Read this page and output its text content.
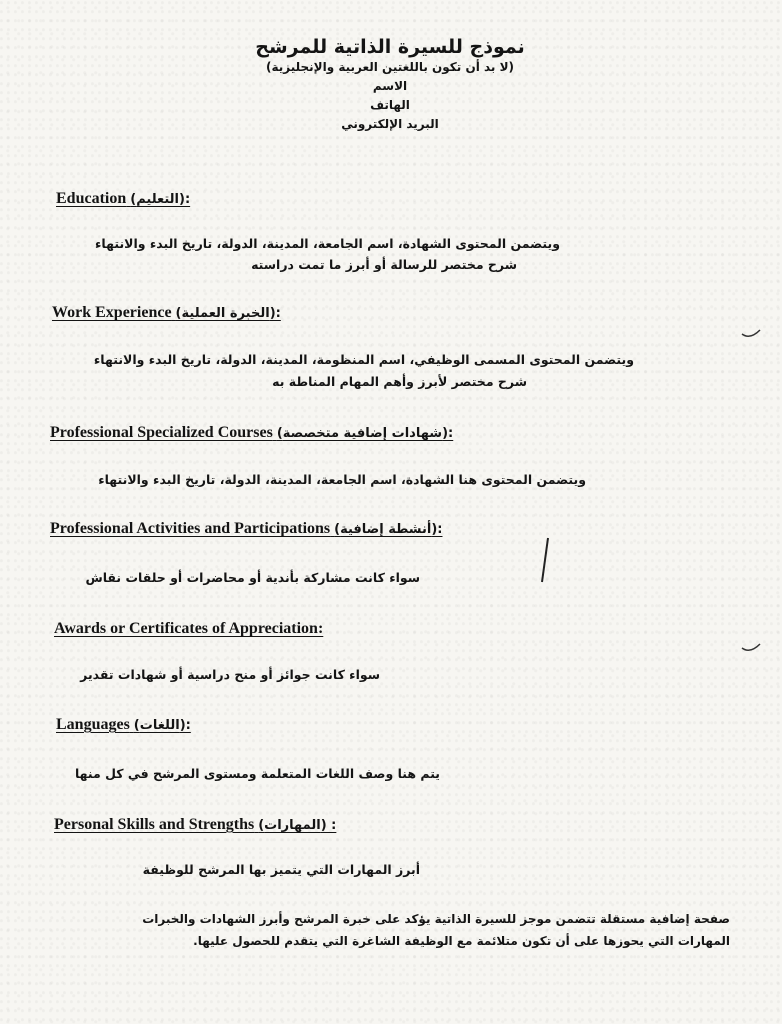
نموذج للسيرة الذاتية للمرشح
(لا بد أن تكون باللغتين العربية والإنجليزية)
الاسم
الهاتف
البريد الإلكتروني
Education (التعليم):
ويتضمن المحتوى الشهادة، اسم الجامعة، المدينة، الدولة، تاريخ البدء والانتهاء
شرح مختصر للرسالة أو أبرز ما تمت دراسته
Work Experience (الخبرة العملية):
ويتضمن المحتوى المسمى الوظيفي، اسم المنظومة، المدينة، الدولة، تاريخ البدء والانتهاء
شرح مختصر لأبرز وأهم المهام المناطة به
Professional Specialized Courses (شهادات إضافية متخصصة):
ويتضمن المحتوى هنا الشهادة، اسم الجامعة، المدينة، الدولة، تاريخ البدء والانتهاء
Professional Activities and Participations (أنشطة إضافية):
سواء كانت مشاركة بأندية أو محاضرات أو حلقات نقاش
Awards or Certificates of Appreciation:
سواء كانت جوائز أو منح دراسية أو شهادات تقدير
Languages (اللغات):
يتم هنا وصف اللغات المتعلمة ومستوى المرشح في كل منها
Personal Skills and Strengths (المهارات) :
أبرز المهارات التي يتميز بها المرشح للوظيفة
صفحة إضافية مستقلة تتضمن موجز للسيرة الذاتية يؤكد على خبرة المرشح وأبرز الشهادات والخبرات
المهارات التي يحوزها على أن تكون متلائمة مع الوظيفة الشاغرة التي يتقدم للحصول عليها.
